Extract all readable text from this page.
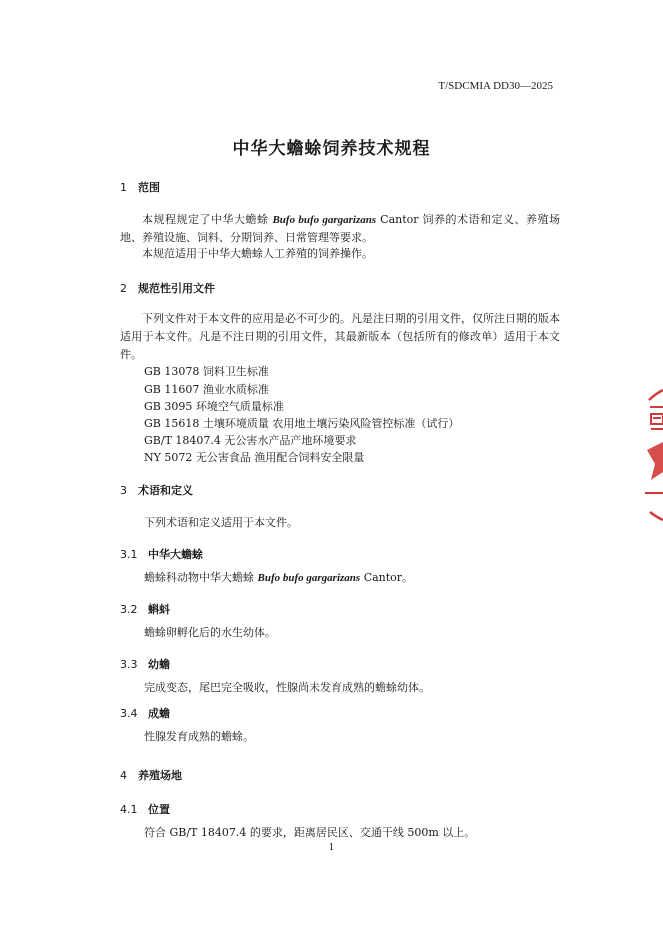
T/SDCMIA DD30—2025
中华大蟾蜍饲养技术规程
1 范围
本规程规定了中华大蟾蜍 Bufo bufo gargarizans Cantor 饲养的术语和定义、养殖场地、养殖设施、饲料、分期饲养、日常管理等要求。
本规范适用于中华大蟾蜍人工养殖的饲养操作。
2 规范性引用文件
下列文件对于本文件的应用是必不可少的。凡是注日期的引用文件，仅所注日期的版本适用于本文件。凡是不注日期的引用文件，其最新版本（包括所有的修改单）适用于本文件。
GB 13078 饲料卫生标准
GB 11607 渔业水质标准
GB 3095 环境空气质量标准
GB 15618 土壤环境质量 农用地土壤污染风险管控标准（试行）
GB/T 18407.4 无公害水产品产地环境要求
NY 5072 无公害食品 渔用配合饲料安全限量
3 术语和定义
下列术语和定义适用于本文件。
3.1 中华大蟾蜍
蟾蜍科动物中华大蟾蜍 Bufo bufo gargarizans Cantor。
3.2 蝌蚪
蟾蜍卵孵化后的水生幼体。
3.3 幼蟾
完成变态，尾巴完全吸收，性腺尚未发育成熟的蟾蜍幼体。
3.4 成蟾
性腺发育成熟的蟾蜍。
4 养殖场地
4.1 位置
符合 GB/T 18407.4 的要求，距离居民区、交通干线 500m 以上。
1
